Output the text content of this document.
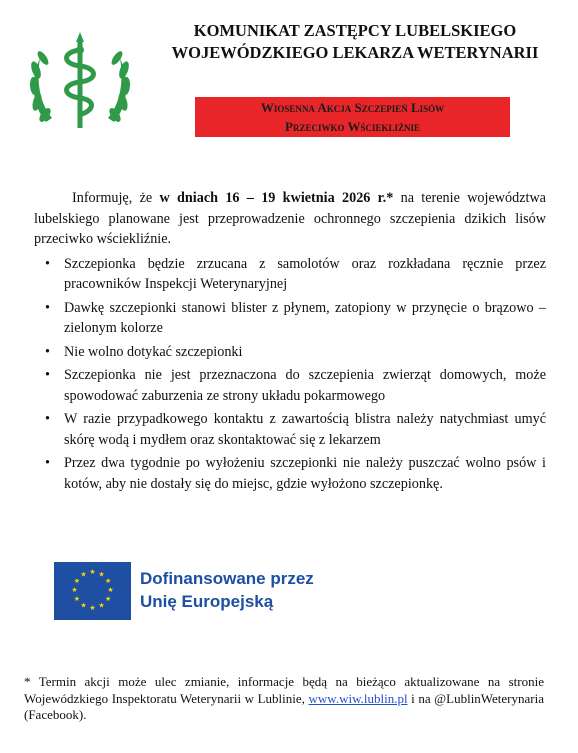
KOMUNIKAT ZASTĘPCY LUBELSKIEGO
WOJEWÓDZKIEGO LEKARZA WETERYNARII
Wiosenna Akcja Szczepień Lisów
Przeciwko Wściekliźnie

Informuję, że w dniach 16 – 19 kwietnia 2026 r.* na terenie województwa lubelskiego planowane jest przeprowadzenie ochronnego szczepienia dzikich lisów przeciwko wściekliźnie.

• Szczepionka będzie zrzucana z samolotów oraz rozkładana ręcznie przez pracowników Inspekcji Weterynaryjnej
• Dawkę szczepionki stanowi blister z płynem, zatopiony w przynęcie o brązowo – zielonym kolorze
• Nie wolno dotykać szczepionki
• Szczepionka nie jest przeznaczona do szczepienia zwierząt domowych, może spowodować zaburzenia ze strony układu pokarmowego
• W razie przypadkowego kontaktu z zawartością blistra należy natychmiast umyć skórę wodą i mydłem oraz skontaktować się z lekarzem
• Przez dwa tygodnie po wyłożeniu szczepionki nie należy puszczać wolno psów i kotów, aby nie dostały się do miejsc, gdzie wyłożono szczepionkę.
★ ★
★
★
★
★
★
★
★
★
★
★	Dofinansowane przez
Unię Europejską
* Termin akcji może ulec zmianie, informacje będą na bieżąco aktualizowane na stronie Wojewódzkiego Inspektoratu Weterynarii w Lublinie, www.wiw.lublin.pl i na @LublinWeterynaria (Facebook).
